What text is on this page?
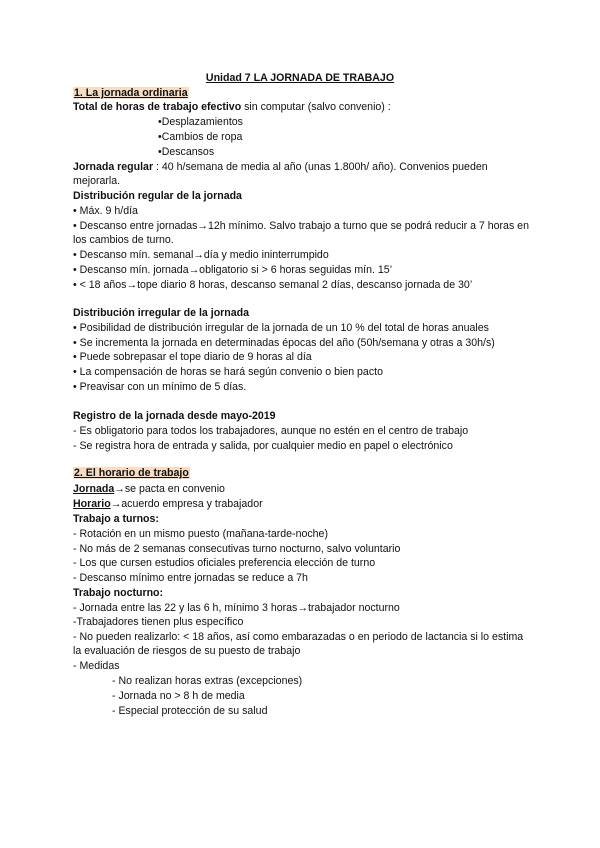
Unidad 7 LA JORNADA DE TRABAJO
1. La jornada ordinaria
Total de horas de trabajo efectivo sin computar (salvo convenio) :
•Desplazamientos
•Cambios de ropa
•Descansos
Jornada regular : 40 h/semana de media al año (unas 1.800h/ año). Convenios pueden mejorarla.
Distribución regular de la jornada
• Máx. 9 h/día
• Descanso entre jornadas→12h mínimo. Salvo trabajo a turno que se podrá reducir a 7 horas en los cambios de turno.
• Descanso mín. semanal→día y medio ininterrumpido
• Descanso mín. jornada→obligatorio si > 6 horas seguidas mín. 15’
• < 18 años→tope diario 8 horas, descanso semanal 2 días, descanso jornada de 30’
Distribución irregular de la jornada
• Posibilidad de distribución irregular de la jornada de un 10 % del total de horas anuales
• Se incrementa la jornada en determinadas épocas del año (50h/semana y otras a 30h/s)
• Puede sobrepasar el tope diario de 9 horas al día
• La compensación de horas se hará según convenio o bien pacto
• Preavisar con un mínimo de 5 días.
Registro de la jornada desde mayo-2019
- Es obligatorio para todos los trabajadores, aunque no estén en el centro de trabajo
- Se registra hora de entrada y salida, por cualquier medio en papel o electrónico
2. El horario de trabajo
Jornada→se pacta en convenio
Horario→acuerdo empresa y trabajador
Trabajo a turnos:
- Rotación en un mismo puesto (mañana-tarde-noche)
- No más de 2 semanas consecutivas turno nocturno, salvo voluntario
- Los que cursen estudios oficiales preferencia elección de turno
- Descanso mínimo entre jornadas se reduce a 7h
Trabajo nocturno:
- Jornada entre las 22 y las 6 h, mínimo 3 horas→trabajador nocturno
-Trabajadores tienen plus específico
- No pueden realizarlo: < 18 años, así como embarazadas o en periodo de lactancia si lo estima la evaluación de riesgos de su puesto de trabajo
- Medidas
- No realizan horas extras (excepciones)
- Jornada no > 8 h de media
- Especial protección de su salud
